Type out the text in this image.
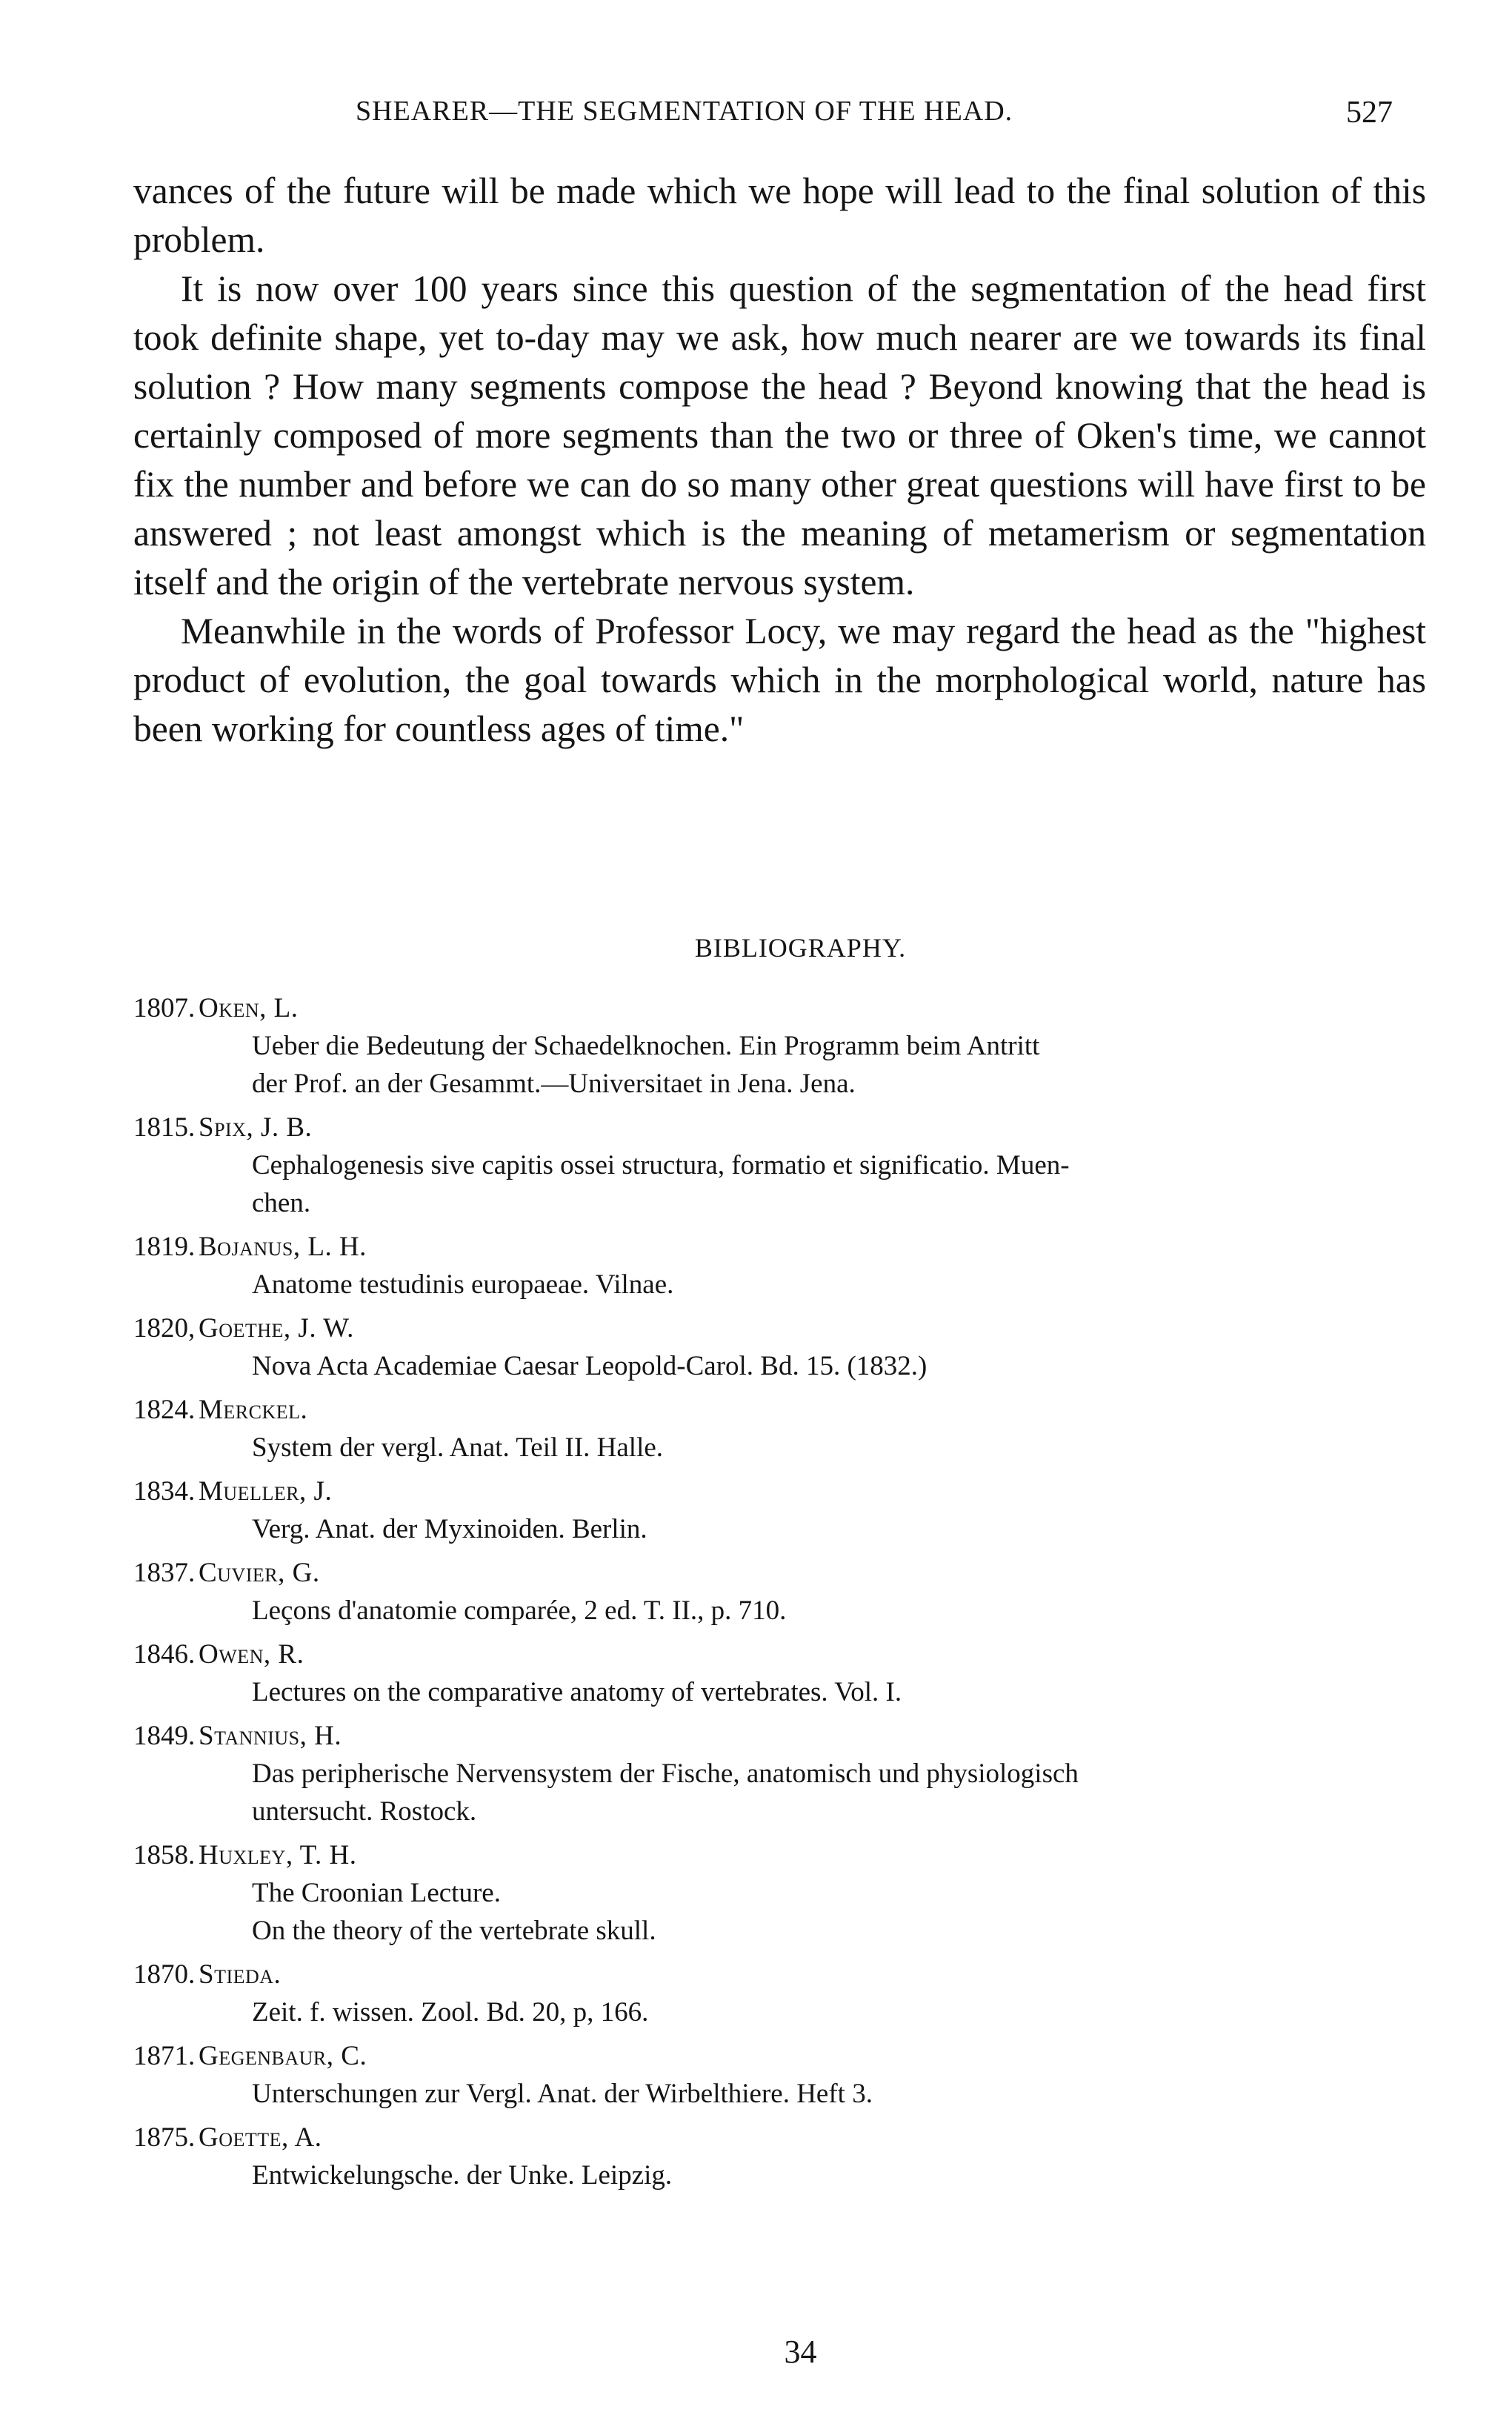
SHEARER—THE SEGMENTATION OF THE HEAD.	527

vances of the future will be made which we hope will lead to the final solution of this problem.

It is now over 100 years since this question of the segmentation of the head first took definite shape, yet to-day may we ask, how much nearer are we towards its final solution ? How many segments compose the head ? Beyond knowing that the head is certainly composed of more segments than the two or three of Oken's time, we cannot fix the number and before we can do so many other great questions will have first to be answered ; not least amongst which is the meaning of metamerism or segmentation itself and the origin of the vertebrate nervous system.

Meanwhile in the words of Professor Locy, we may regard the head as the "highest product of evolution, the goal towards which in the morphological world, nature has been working for countless ages of time."

BIBLIOGRAPHY.
1807. Oken, L.
Ueber die Bedeutung der Schaedelknochen. Ein Programm beim Antritt
der Prof. an der Gesammt.—Universitaet in Jena. Jena.
1815. Spix, J. B.
Cephalogenesis sive capitis ossei structura, formatio et significatio. Muen-
chen.
1819. Bojanus, L. H.
Anatome testudinis europaeae. Vilnae.
1820, Goethe, J. W.
Nova Acta Academiae Caesar Leopold-Carol. Bd. 15. (1832.)
1824. Merckel.
System der vergl. Anat. Teil II. Halle.
1834. Mueller, J.
Verg. Anat. der Myxinoiden. Berlin.
1837. Cuvier, G.
Leçons d'anatomie comparée, 2 ed. T. II., p. 710.
1846. Owen, R.
Lectures on the comparative anatomy of vertebrates. Vol. I.
1849. Stannius, H.
Das peripherische Nervensystem der Fische, anatomisch und physiologisch
untersucht. Rostock.
1858. Huxley, T. H.
The Croonian Lecture.
On the theory of the vertebrate skull.
1870. Stieda.
Zeit. f. wissen. Zool. Bd. 20, p, 166.
1871. Gegenbaur, C.
Unterschungen zur Vergl. Anat. der Wirbelthiere. Heft 3.
1875. Goette, A.
Entwickelungsche. der Unke. Leipzig.
34
